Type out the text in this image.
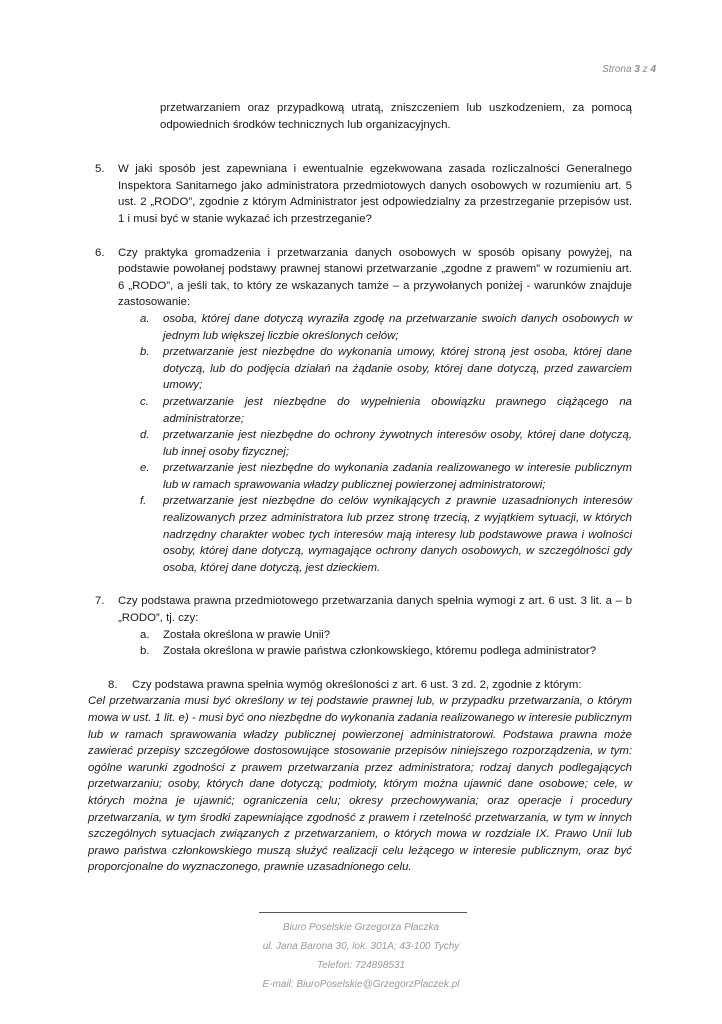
Strona 3 z 4
przetwarzaniem oraz przypadkową utratą, zniszczeniem lub uszkodzeniem, za pomocą odpowiednich środków technicznych lub organizacyjnych.
5. W jaki sposób jest zapewniana i ewentualnie egzekwowana zasada rozliczalności Generalnego Inspektora Sanitarnego jako administratora przedmiotowych danych osobowych w rozumieniu art. 5 ust. 2 „RODO”, zgodnie z którym Administrator jest odpowiedzialny za przestrzeganie przepisów ust. 1 i musi być w stanie wykazać ich przestrzeganie?
6. Czy praktyka gromadzenia i przetwarzania danych osobowych w sposób opisany powyżej, na podstawie powołanej podstawy prawnej stanowi przetwarzanie „zgodne z prawem” w rozumieniu art. 6 „RODO”, a jeśli tak, to który ze wskazanych tamże – a przywołanych poniżej - warunków znajduje zastosowanie:
a. osoba, której dane dotyczą wyraziła zgodę na przetwarzanie swoich danych osobowych w jednym lub większej liczbie określonych celów;
b. przetwarzanie jest niezbędne do wykonania umowy, której stroną jest osoba, której dane dotyczą, lub do podjęcia działań na żądanie osoby, której dane dotyczą, przed zawarciem umowy;
c. przetwarzanie jest niezbędne do wypełnienia obowiązku prawnego ciążącego na administratorze;
d. przetwarzanie jest niezbędne do ochrony żywotnych interesów osoby, której dane dotyczą, lub innej osoby fizycznej;
e. przetwarzanie jest niezbędne do wykonania zadania realizowanego w interesie publicznym lub w ramach sprawowania władzy publicznej powierzonej administratorowi;
f. przetwarzanie jest niezbędne do celów wynikających z prawnie uzasadnionych interesów realizowanych przez administratora lub przez stronę trzecią, z wyjątkiem sytuacji, w których nadrzędny charakter wobec tych interesów mają interesy lub podstawowe prawa i wolności osoby, której dane dotyczą, wymagające ochrony danych osobowych, w szczególności gdy osoba, której dane dotyczą, jest dzieckiem.
7. Czy podstawa prawna przedmiotowego przetwarzania danych spełnia wymogi z art. 6 ust. 3 lit. a – b „RODO”, tj. czy:
a. Została określona w prawie Unii?
b. Została określona w prawie państwa członkowskiego, któremu podlega administrator?
8. Czy podstawa prawna spełnia wymóg określoności z art. 6 ust. 3 zd. 2, zgodnie z którym:
Cel przetwarzania musi być określony w tej podstawie prawnej lub, w przypadku przetwarzania, o którym mowa w ust. 1 lit. e) - musi być ono niezbędne do wykonania zadania realizowanego w interesie publicznym lub w ramach sprawowania władzy publicznej powierzonej administratorowi. Podstawa prawna może zawierać przepisy szczegółowe dostosowujące stosowanie przepisów niniejszego rozporządzenia, w tym: ogólne warunki zgodności z prawem przetwarzania przez administratora; rodzaj danych podlegających przetwarzaniu; osoby, których dane dotyczą; podmioty, którym można ujawnić dane osobowe; cele, w których można je ujawnić; ograniczenia celu; okresy przechowywania; oraz operacje i procedury przetwarzania, w tym środki zapewniające zgodność z prawem i rzetelność przetwarzania, w tym w innych szczególnych sytuacjach związanych z przetwarzaniem, o których mowa w rozdziale IX. Prawo Unii lub prawo państwa członkowskiego muszą służyć realizacji celu leżącego w interesie publicznym, oraz być proporcjonalne do wyznaczonego, prawnie uzasadnionego celu.
Biuro Poselskie Grzegorza Płaczka
ul. Jana Barona 30, lok. 301A; 43-100 Tychy
Telefon: 724898531
E-mail: BiuroPoselskie@GrzegorzPlaczek.pl
